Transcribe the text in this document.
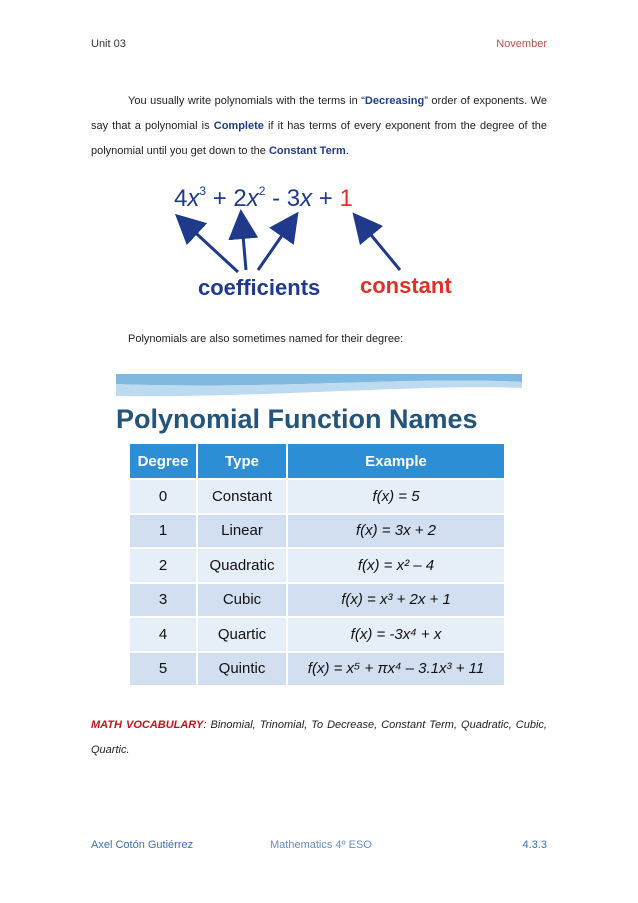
Unit 03	November
You usually write polynomials with the terms in “Decreasing” order of exponents. We say that a polynomial is Complete if it has terms of every exponent from the degree of the polynomial until you get down to the Constant Term.
$4x^3 + 2x^2 - 3x + 1$
coefficients constant
Polynomials are also sometimes named for their degree:
Polynomial Function Names
Degree	Type	Example
0	Constant	f(x) = 5
1	Linear	f(x) = 3x + 2
2	Quadratic	f(x) = x² – 4
3	Cubic	f(x) = x³ + 2x + 1
4	Quartic	f(x) = -3x⁴ + x
5	Quintic	f(x) = x⁵ + πx⁴ – 3.1x³ + 11
MATH VOCABULARY: Binomial, Trinomial, To Decrease, Constant Term, Quadratic, Cubic, Quartic.
Axel Cotón Gutiérrez	Mathematics 4º ESO	4.3.3
